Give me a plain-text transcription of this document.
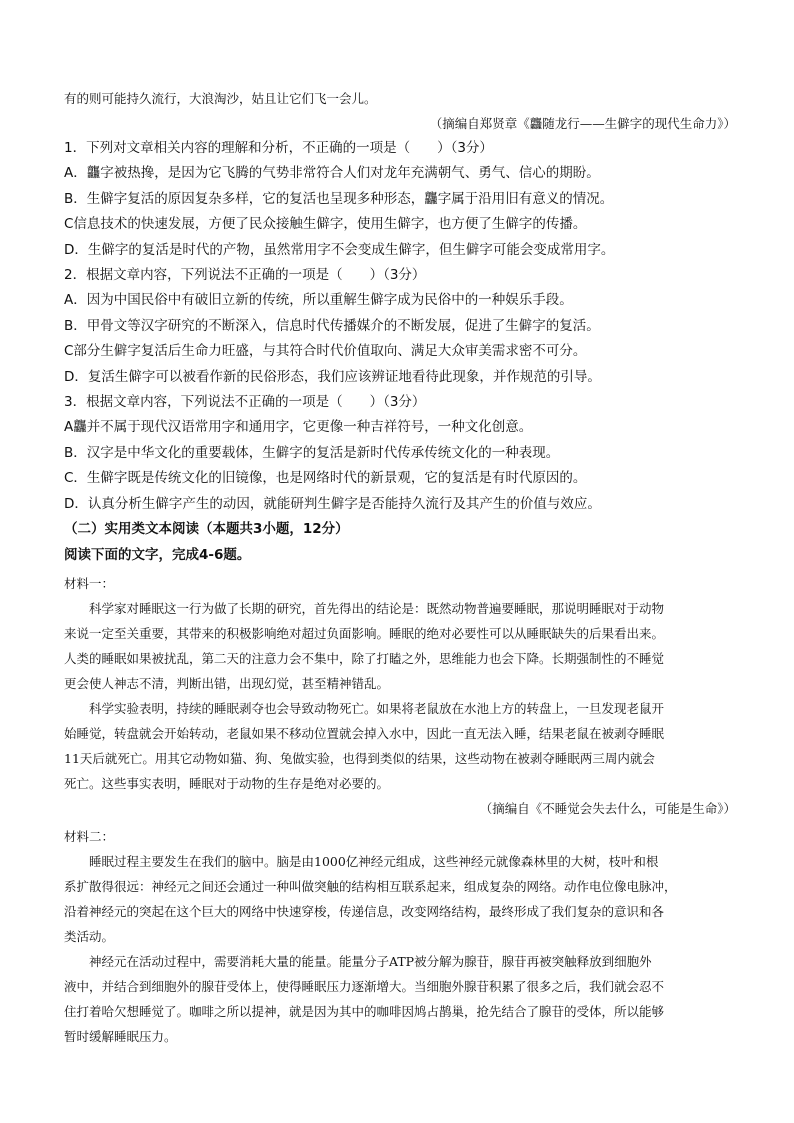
有的则可能持久流行，大浪淘沙，姑且让它们飞一会儿。
（摘编自郑贤章《龘随龙行——生僻字的现代生命力》）
1．下列对文章相关内容的理解和分析，不正确的一项是（　　）（3分）
A．龘字被热搀，是因为它飞腾的气势非常符合人们对龙年充满朝气、勇气、信心的期盼。
B．生僻字复活的原因复杂多样，它的复活也呈现多种形态，龘字属于沿用旧有意义的情况。
C信息技术的快速发展，方便了民众接触生僻字，使用生僻字，也方便了生僻字的传播。
D．生僻字的复活是时代的产物，虽然常用字不会变成生僻字，但生僻字可能会变成常用字。
2．根据文章内容，下列说法不正确的一项是（　　）（3分）
A．因为中国民俗中有破旧立新的传统，所以重解生僻字成为民俗中的一种娱乐手段。
B．甲骨文等汉字研究的不断深入，信息时代传播媒介的不断发展，促进了生僻字的复活。
C部分生僻字复活后生命力旺盛，与其符合时代价值取向、满足大众审美需求密不可分。
D．复活生僻字可以被看作新的民俗形态，我们应该辨证地看待此现象，并作规范的引导。
3．根据文章内容，下列说法不正确的一项是（　　）（3分）
A龘并不属于现代汉语常用字和通用字，它更像一种吉祥符号，一种文化创意。
B．汉字是中华文化的重要载体，生僻字的复活是新时代传承传统文化的一种表现。
C．生僻字既是传统文化的旧镜像，也是网络时代的新景观，它的复活是有时代原因的。
D．认真分析生僻字产生的动因，就能研判生僻字是否能持久流行及其产生的价值与效应。
（二）实用类文本阅读（本题共3小题，12分）
阅读下面的文字，完成4-6题。
材料一：
科学家对睡眠这一行为做了长期的研究，首先得出的结论是：既然动物普遍要睡眠，那说明睡眠对于动物
来说一定至关重要，其带来的积极影响绝对超过负面影响。睡眠的绝对必要性可以从睡眠缺失的后果看出来。
人类的睡眠如果被扰乱，第二天的注意力会不集中，除了打瞌之外，思维能力也会下降。长期强制性的不睡觉
更会使人神志不清，判断出错，出现幻觉，甚至精神错乱。
科学实验表明，持续的睡眠剥夺也会导致动物死亡。如果将老鼠放在水池上方的转盘上，一旦发现老鼠开
始睡觉，转盘就会开始转动，老鼠如果不移动位置就会掉入水中，因此一直无法入睡，结果老鼠在被剥夺睡眠
11天后就死亡。用其它动物如猫、狗、兔做实验，也得到类似的结果，这些动物在被剥夺睡眠两三周内就会
死亡。这些事实表明，睡眠对于动物的生存是绝对必要的。
（摘编自《不睡觉会失去什么，可能是生命》）
材料二：
睡眠过程主要发生在我们的脑中。脑是由1000亿神经元组成，这些神经元就像森林里的大树，枝叶和根
系扩散得很远：神经元之间还会通过一种叫做突触的结构相互联系起来，组成复杂的网络。动作电位像电脉冲，
沿着神经元的突起在这个巨大的网络中快速穿梭，传递信息，改变网络结构，最终形成了我们复杂的意识和各
类活动。
神经元在活动过程中，需要消耗大量的能量。能量分子ATP被分解为腺苷，腺苷再被突触释放到细胞外
液中，并结合到细胞外的腺苷受体上，使得睡眠压力逐渐增大。当细胞外腺苷积累了很多之后，我们就会忍不
住打着哈欠想睡觉了。咖啡之所以提神，就是因为其中的咖啡因鸠占鹊巢，抢先结合了腺苷的受体，所以能够
暂时缓解睡眠压力。
